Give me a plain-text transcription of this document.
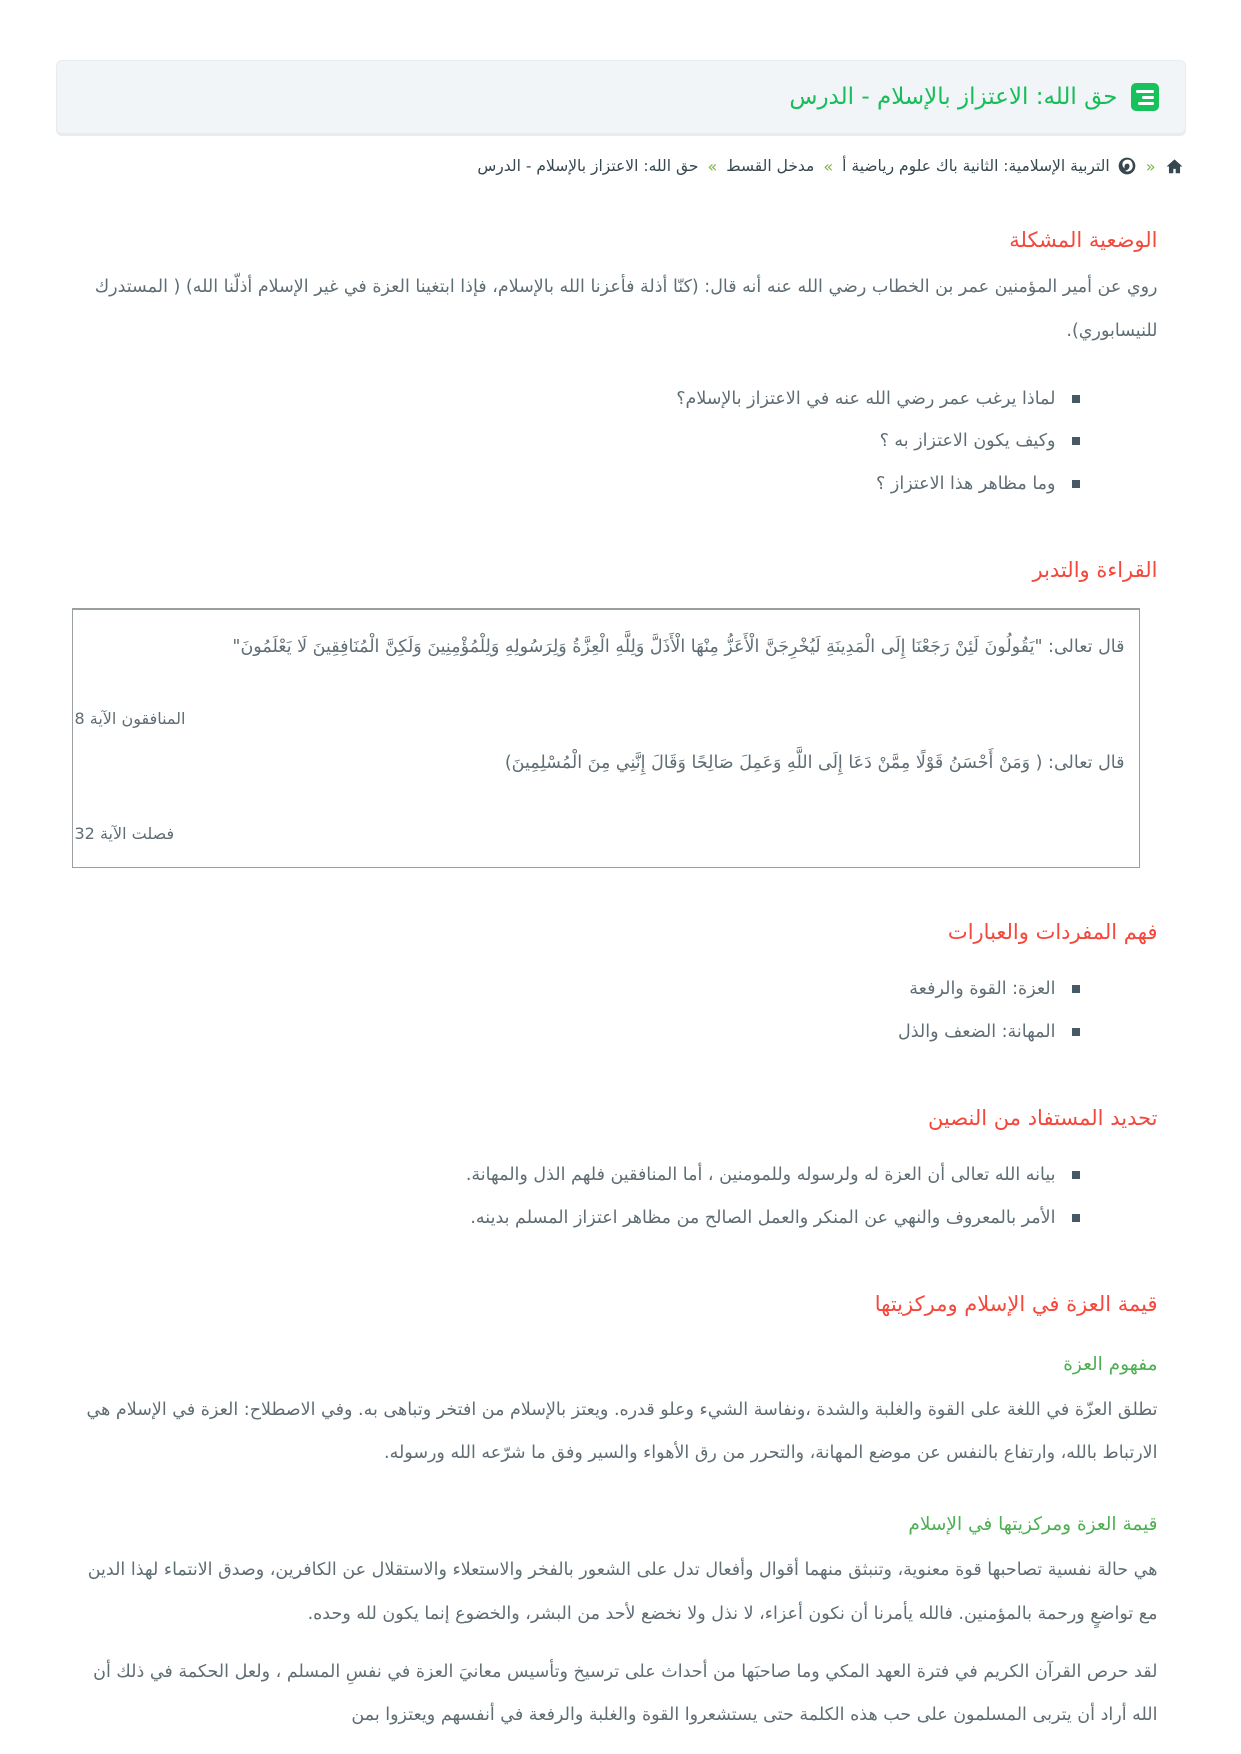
حق الله: الاعتزاز بالإسلام - الدرس
«
التربية الإسلامية: الثانية باك علوم رياضية أ
»
مدخل القسط
»
حق الله: الاعتزاز بالإسلام - الدرس
الوضعية المشكلة

روي عن أمير المؤمنين عمر بن الخطاب رضي الله عنه أنه قال: (كنّا أذلة فأعزنا الله بالإسلام، فإذا ابتغينا العزة في غير الإسلام أذلّنا الله) ( المستدرك للنيسابوري).

لماذا يرغب عمر رضي الله عنه في الاعتزاز بالإسلام؟
وكيف يكون الاعتزاز به ؟
وما مظاهر هذا الاعتزاز ؟
القراءة والتدبر

قال تعالى: "يَقُولُونَ لَئِنْ رَجَعْنَا إِلَى الْمَدِينَةِ لَيُخْرِجَنَّ الْأَعَزُّ مِنْهَا الْأَذَلَّ وَلِلَّهِ الْعِزَّةُ وَلِرَسُولِهِ وَلِلْمُؤْمِنِينَ وَلَكِنَّ الْمُنَافِقِينَ لَا يَعْلَمُونَ"

المنافقون الآية 8

قال تعالى: ( وَمَنْ أَحْسَنُ قَوْلًا مِمَّنْ دَعَا إِلَى اللَّهِ وَعَمِلَ صَالِحًا وَقَالَ إِنَّنِي مِنَ الْمُسْلِمِينَ)

فصلت الآية 32

فهم المفردات والعبارات
العزة: القوة والرفعة
المهانة: الضعف والذل
تحديد المستفاد من النصين
بيانه الله تعالى أن العزة له ولرسوله وللمومنين ، أما المنافقين فلهم الذل والمهانة.
الأمر بالمعروف والنهي عن المنكر والعمل الصالح من مظاهر اعتزاز المسلم بدينه.
قيمة العزة في الإسلام ومركزيتها
مفهوم العزة

تطلق العزّة في اللغة على القوة والغلبة والشدة ،ونفاسة الشيء وعلو قدره. ويعتز بالإسلام من افتخر وتباهى به. وفي الاصطلاح: العزة في الإسلام هي الارتباط بالله، وارتفاع بالنفس عن موضع المهانة، والتحرر من رق الأهواء والسير وفق ما شرّعه الله ورسوله.

قيمة العزة ومركزيتها في الإسلام

هي حالة نفسية تصاحبها قوة معنوية، وتنبثق منهما أقوال وأفعال تدل على الشعور بالفخر والاستعلاء والاستقلال عن الكافرين، وصدق الانتماء لهذا الدين مع تواضعٍ ورحمة بالمؤمنين. فالله يأمرنا أن نكون أعزاء، لا نذل ولا نخضع لأحد من البشر، والخضوع إنما يكون لله وحده.

لقد حرص القرآن الكريم في فترة العهد المكي وما صاحبَها من أحداث على ترسيخ وتأسيس معانيَ العزة في نفسِ المسلم ، ولعل الحكمة في ذلك أن الله أراد أن يتربى المسلمون على حب هذه الكلمة حتى يستشعروا القوة والغلبة والرفعة في أنفسهم ويعتزوا بمن
